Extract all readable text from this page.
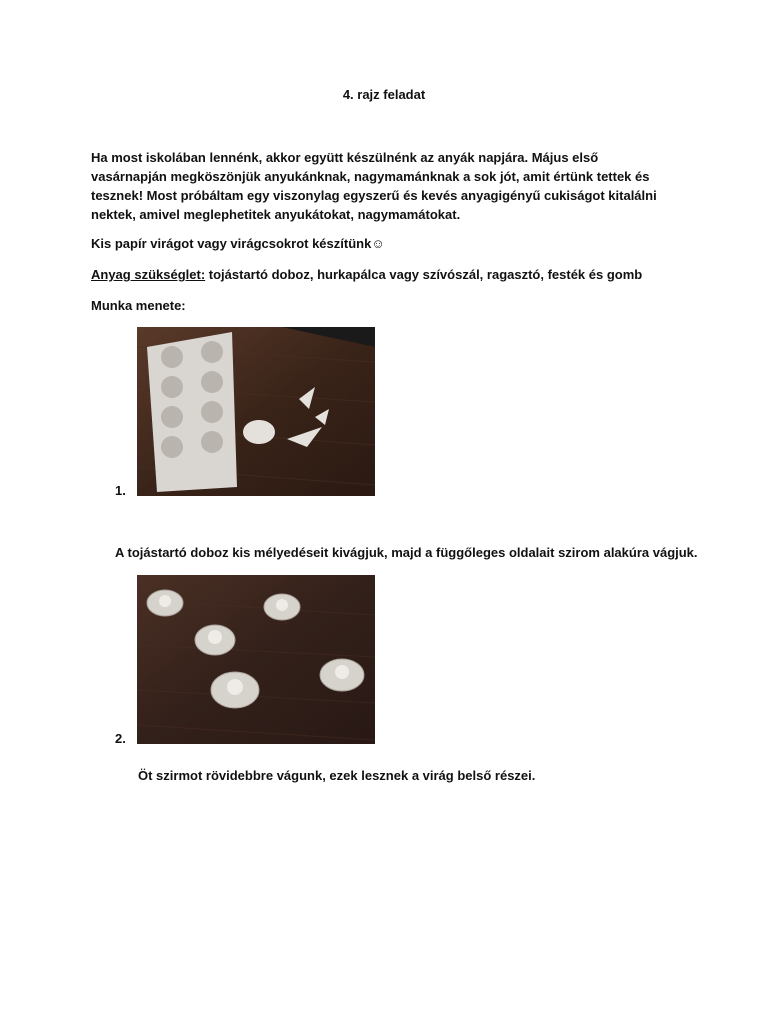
4. rajz feladat
Ha most iskolában lennénk, akkor együtt készülnénk az anyák napjára. Május első vasárnapján megköszönjük anyukánknak, nagymamánknak a sok jót, amit értünk tettek és tesznek! Most próbáltam egy viszonylag egyszerű és kevés anyagigényű cukiságot kitalálni nektek, amivel meglephetitek anyukátokat, nagymamátokat.
Kis papír virágot vagy virágcsokrot készítünk☺
Anyag szükséglet: tojástartó doboz, hurkapálca vagy szívószál, ragasztó, festék és gomb
Munka menete:
1.
A tojástartó doboz kis mélyedéseit kivágjuk, majd a függőleges oldalait szirom alakúra vágjuk.
2.
Öt szirmot rövidebbre vágunk, ezek lesznek a virág belső részei.
